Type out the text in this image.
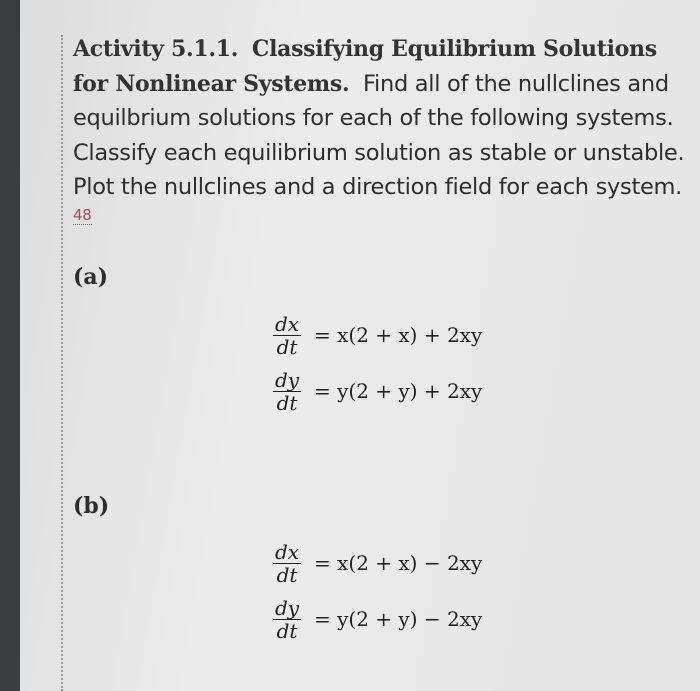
Activity 5.1.1. Classifying Equilibrium Solutions for Nonlinear Systems. Find all of the nullclines and equilbrium solutions for each of the following systems. Classify each equilibrium solution as stable or unstable. Plot the nullclines and a direction field for each system. $^{48}$
(a)
$\frac{dx}{dt} = x(2 + x) + 2xy$
$\frac{dy}{dt} = y(2 + y) + 2xy$
(b)
$\frac{dx}{dt} = x(2 + x) - 2xy$
$\frac{dy}{dt} = y(2 + y) - 2xy$
